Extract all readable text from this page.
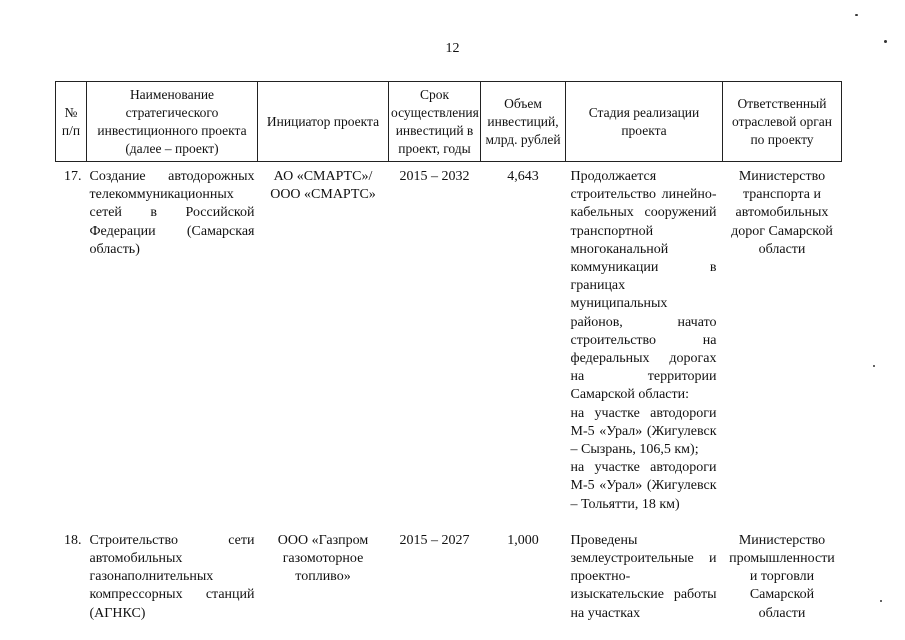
12
№ п/п	Наименование стратегического инвестиционного проекта (далее – проект)	Инициатор проекта	Срок осуществления инвестиций в проект, годы	Объем инвестиций, млрд. рублей	Стадия реализации проекта	Ответственный отраслевой орган по проекту
17.	Создание автодорожных телекоммуникационных сетей в Российской Федерации (Самарская область)	АО «СМАРТС»/ ООО «СМАРТС»	2015 – 2032	4,643	Продолжается строительство линейно-кабельных сооружений транспортной многоканальной коммуникации в границах муниципальных районов, начато строительство на федеральных дорогах на территории Самарской области:
на участке автодороги М-5 «Урал» (Жигулевск – Сызрань, 106,5 км);
на участке автодороги М-5 «Урал» (Жигулевск – Тольятти, 18 км)	Министерство транспорта и автомобильных дорог Самарской области

18.	Строительство сети автомобильных газонаполнительных компрессорных станций (АГНКС)	ООО «Газпром газомоторное топливо»	2015 – 2027	1,000	Проведены землеустроительные и проектно-изыскательские работы на участках	Министерство промышленности и торговли Самарской области
